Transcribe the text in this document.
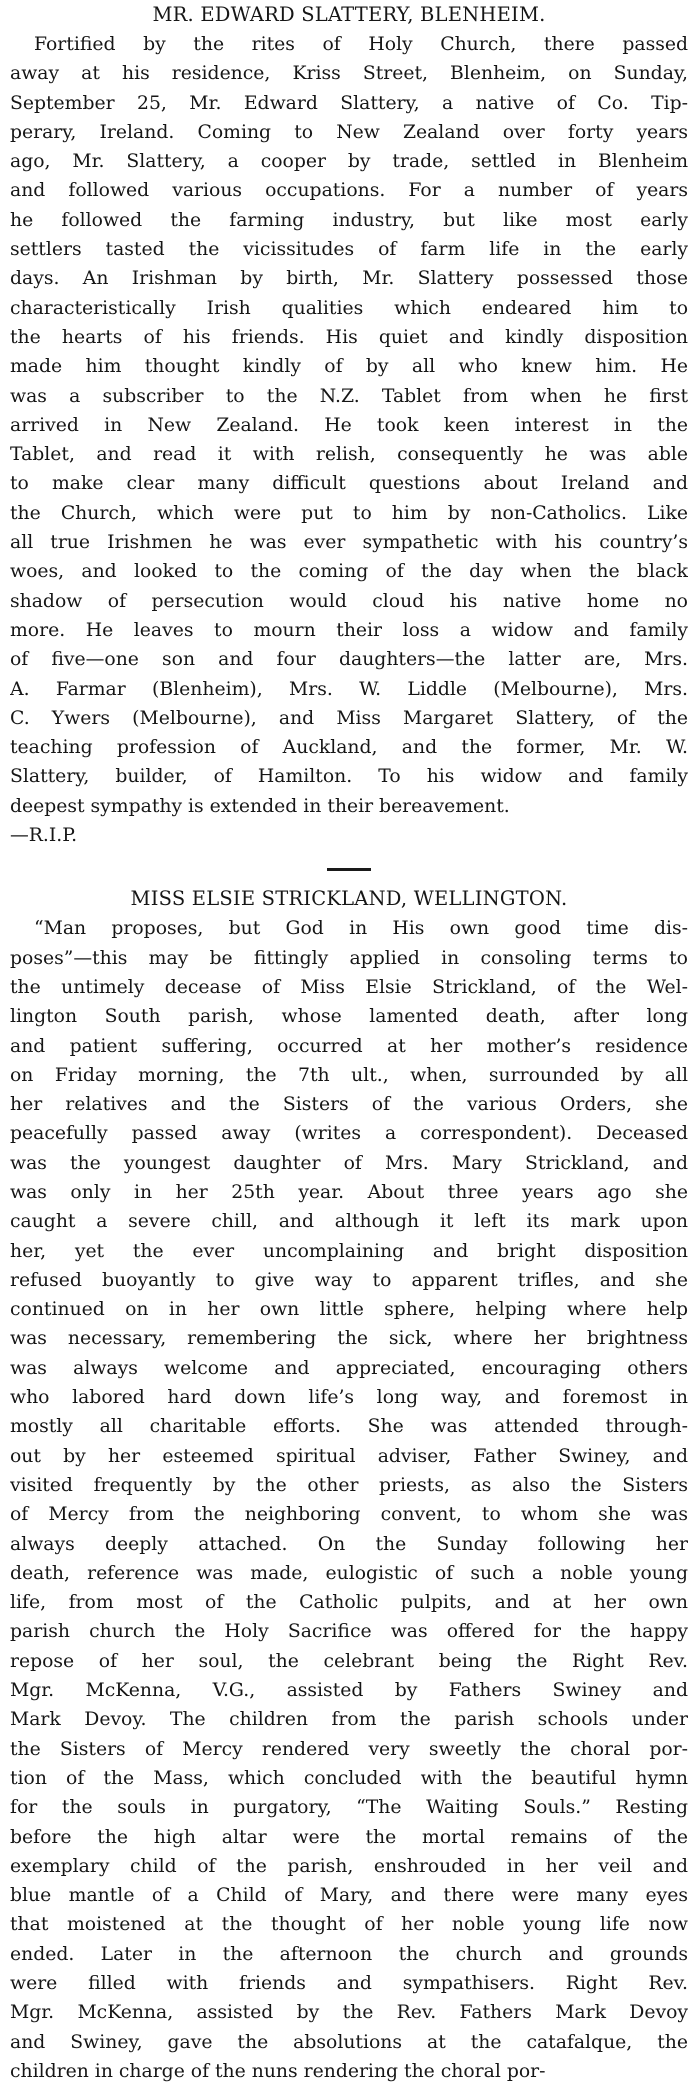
MR. EDWARD SLATTERY, BLENHEIM.
Fortified by the rites of Holy Church, there passed
away at his residence, Kriss Street, Blenheim, on Sunday,
September 25, Mr. Edward Slattery, a native of Co. Tip-
perary, Ireland. Coming to New Zealand over forty years
ago, Mr. Slattery, a cooper by trade, settled in Blenheim
and followed various occupations. For a number of years
he followed the farming industry, but like most early
settlers tasted the vicissitudes of farm life in the early
days. An Irishman by birth, Mr. Slattery possessed those
characteristically Irish qualities which endeared him to
the hearts of his friends. His quiet and kindly disposition
made him thought kindly of by all who knew him. He
was a subscriber to the N.Z. Tablet from when he first
arrived in New Zealand. He took keen interest in the
Tablet, and read it with relish, consequently he was able
to make clear many difficult questions about Ireland and
the Church, which were put to him by non-Catholics. Like
all true Irishmen he was ever sympathetic with his country’s
woes, and looked to the coming of the day when the black
shadow of persecution would cloud his native home no
more. He leaves to mourn their loss a widow and family
of five—one son and four daughters—the latter are, Mrs.
A. Farmar (Blenheim), Mrs. W. Liddle (Melbourne), Mrs.
C. Ywers (Melbourne), and Miss Margaret Slattery, of the
teaching profession of Auckland, and the former, Mr. W.
Slattery, builder, of Hamilton. To his widow and family
deepest sympathy is extended in their bereavement.
—R.I.P.
MISS ELSIE STRICKLAND, WELLINGTON.
“Man proposes, but God in His own good time dis-
poses”—this may be fittingly applied in consoling terms to
the untimely decease of Miss Elsie Strickland, of the Wel-
lington South parish, whose lamented death, after long
and patient suffering, occurred at her mother’s residence
on Friday morning, the 7th ult., when, surrounded by all
her relatives and the Sisters of the various Orders, she
peacefully passed away (writes a correspondent). Deceased
was the youngest daughter of Mrs. Mary Strickland, and
was only in her 25th year. About three years ago she
caught a severe chill, and although it left its mark upon
her, yet the ever uncomplaining and bright disposition
refused buoyantly to give way to apparent trifles, and she
continued on in her own little sphere, helping where help
was necessary, remembering the sick, where her brightness
was always welcome and appreciated, encouraging others
who labored hard down life’s long way, and foremost in
mostly all charitable efforts. She was attended through-
out by her esteemed spiritual adviser, Father Swiney, and
visited frequently by the other priests, as also the Sisters
of Mercy from the neighboring convent, to whom she was
always deeply attached. On the Sunday following her
death, reference was made, eulogistic of such a noble young
life, from most of the Catholic pulpits, and at her own
parish church the Holy Sacrifice was offered for the happy
repose of her soul, the celebrant being the Right Rev.
Mgr. McKenna, V.G., assisted by Fathers Swiney and
Mark Devoy. The children from the parish schools under
the Sisters of Mercy rendered very sweetly the choral por-
tion of the Mass, which concluded with the beautiful hymn
for the souls in purgatory, “The Waiting Souls.” Resting
before the high altar were the mortal remains of the
exemplary child of the parish, enshrouded in her veil and
blue mantle of a Child of Mary, and there were many eyes
that moistened at the thought of her noble young life now
ended. Later in the afternoon the church and grounds
were filled with friends and sympathisers. Right Rev.
Mgr. McKenna, assisted by the Rev. Fathers Mark Devoy
and Swiney, gave the absolutions at the catafalque, the
children in charge of the nuns rendering the choral por-
